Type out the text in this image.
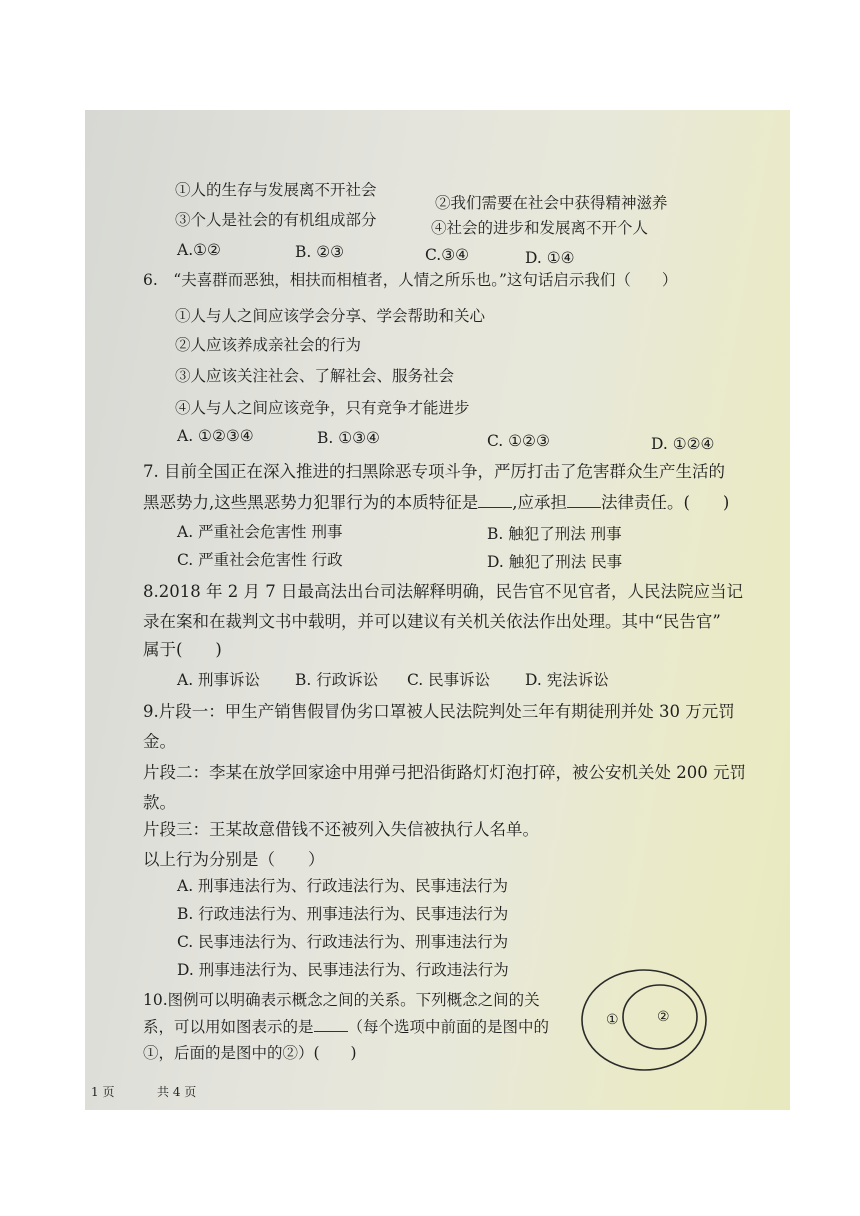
①人的生存与发展离不开社会
②我们需要在社会中获得精神滋养
③个人是社会的有机组成部分	④社会的进步和发展离不开个人
A.①②	B. ②③	C.③④	D. ①④
6.　“夫喜群而恶独，相扶而相植者，人情之所乐也。”这句话启示我们（　　）
①人与人之间应该学会分享、学会帮助和关心
②人应该养成亲社会的行为
③人应该关注社会、了解社会、服务社会
④人与人之间应该竞争，只有竞争才能进步
A. ①②③④	B. ①③④	C. ①②③	D. ①②④
7. 目前全国正在深入推进的扫黑除恶专项斗争，严厉打击了危害群众生产生活的
黑恶势力,这些黑恶势力犯罪行为的本质特征是 ,应承担 法律责任。(　　)
A. 严重社会危害性 刑事	B. 触犯了刑法 刑事
C. 严重社会危害性 行政	D. 触犯了刑法 民事
8.2018 年 2 月 7 日最高法出台司法解释明确，民告官不见官者，人民法院应当记
录在案和在裁判文书中载明，并可以建议有关机关依法作出处理。其中“民告官”
属于(　　)
A. 刑事诉讼 B. 行政诉讼 C. 民事诉讼 D. 宪法诉讼
9.片段一：甲生产销售假冒伪劣口罩被人民法院判处三年有期徒刑并处 30 万元罚
金。
片段二：李某在放学回家途中用弹弓把沿街路灯灯泡打碎，被公安机关处 200 元罚
款。
片段三：王某故意借钱不还被列入失信被执行人名单。
以上行为分别是（　　）
A. 刑事违法行为、行政违法行为、民事违法行为
B. 行政违法行为、刑事违法行为、民事违法行为
C. 民事违法行为、行政违法行为、刑事违法行为
D. 刑事违法行为、民事违法行为、行政违法行为
10.图例可以明确表示概念之间的关系。下列概念之间的关
系，可以用如图表示的是 （每个选项中前面的是图中的
①，后面的是图中的②）(　　)
①	②
1 页	共 4 页
